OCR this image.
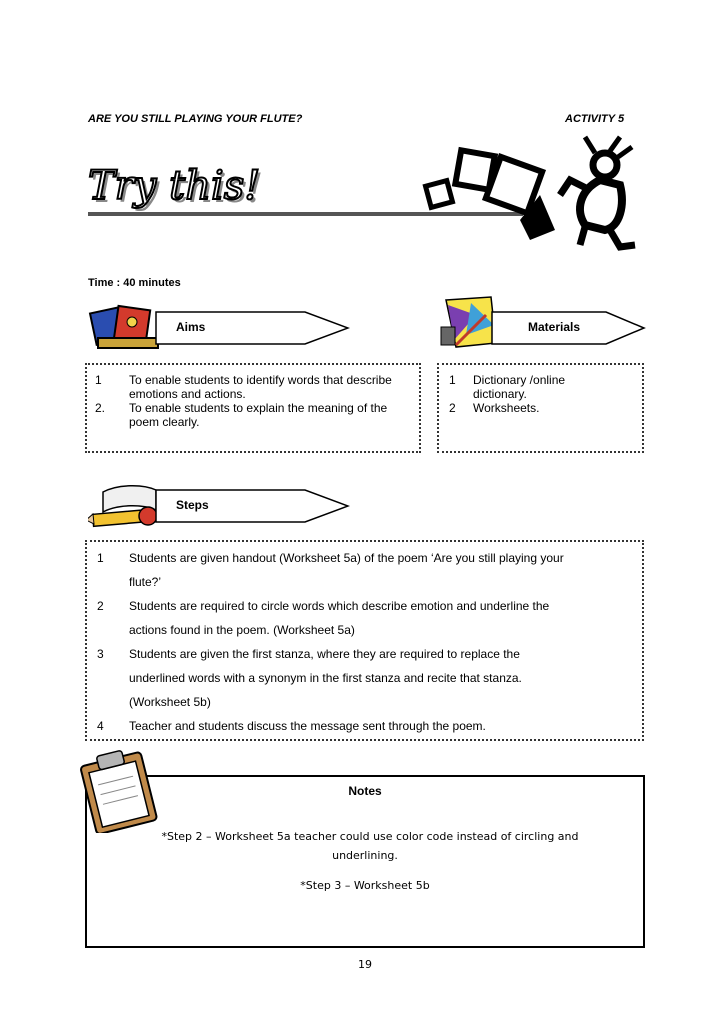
ARE YOU STILL PLAYING YOUR FLUTE?	ACTIVITY 5
Try this!
Time : 40 minutes
Aims	Materials
1	To enable students to identify words that describe emotions and actions.
2.	To enable students to explain the meaning of the poem clearly.
1	Dictionary /online dictionary.
2	Worksheets.
Steps
1	Students are given handout (Worksheet 5a) of the poem ‘Are you still playing your
flute?’
2	Students are required to circle words which describe emotion and underline the
actions found in the poem. (Worksheet 5a)
3	Students are given the first stanza, where they are required to replace the
underlined words with a synonym in the first stanza and recite that stanza.
(Worksheet 5b)
4	Teacher and students discuss the message sent through the poem.
Notes
*Step 2 – Worksheet 5a teacher could use color code instead of circling and
underlining.
*Step 3 – Worksheet 5b
19
